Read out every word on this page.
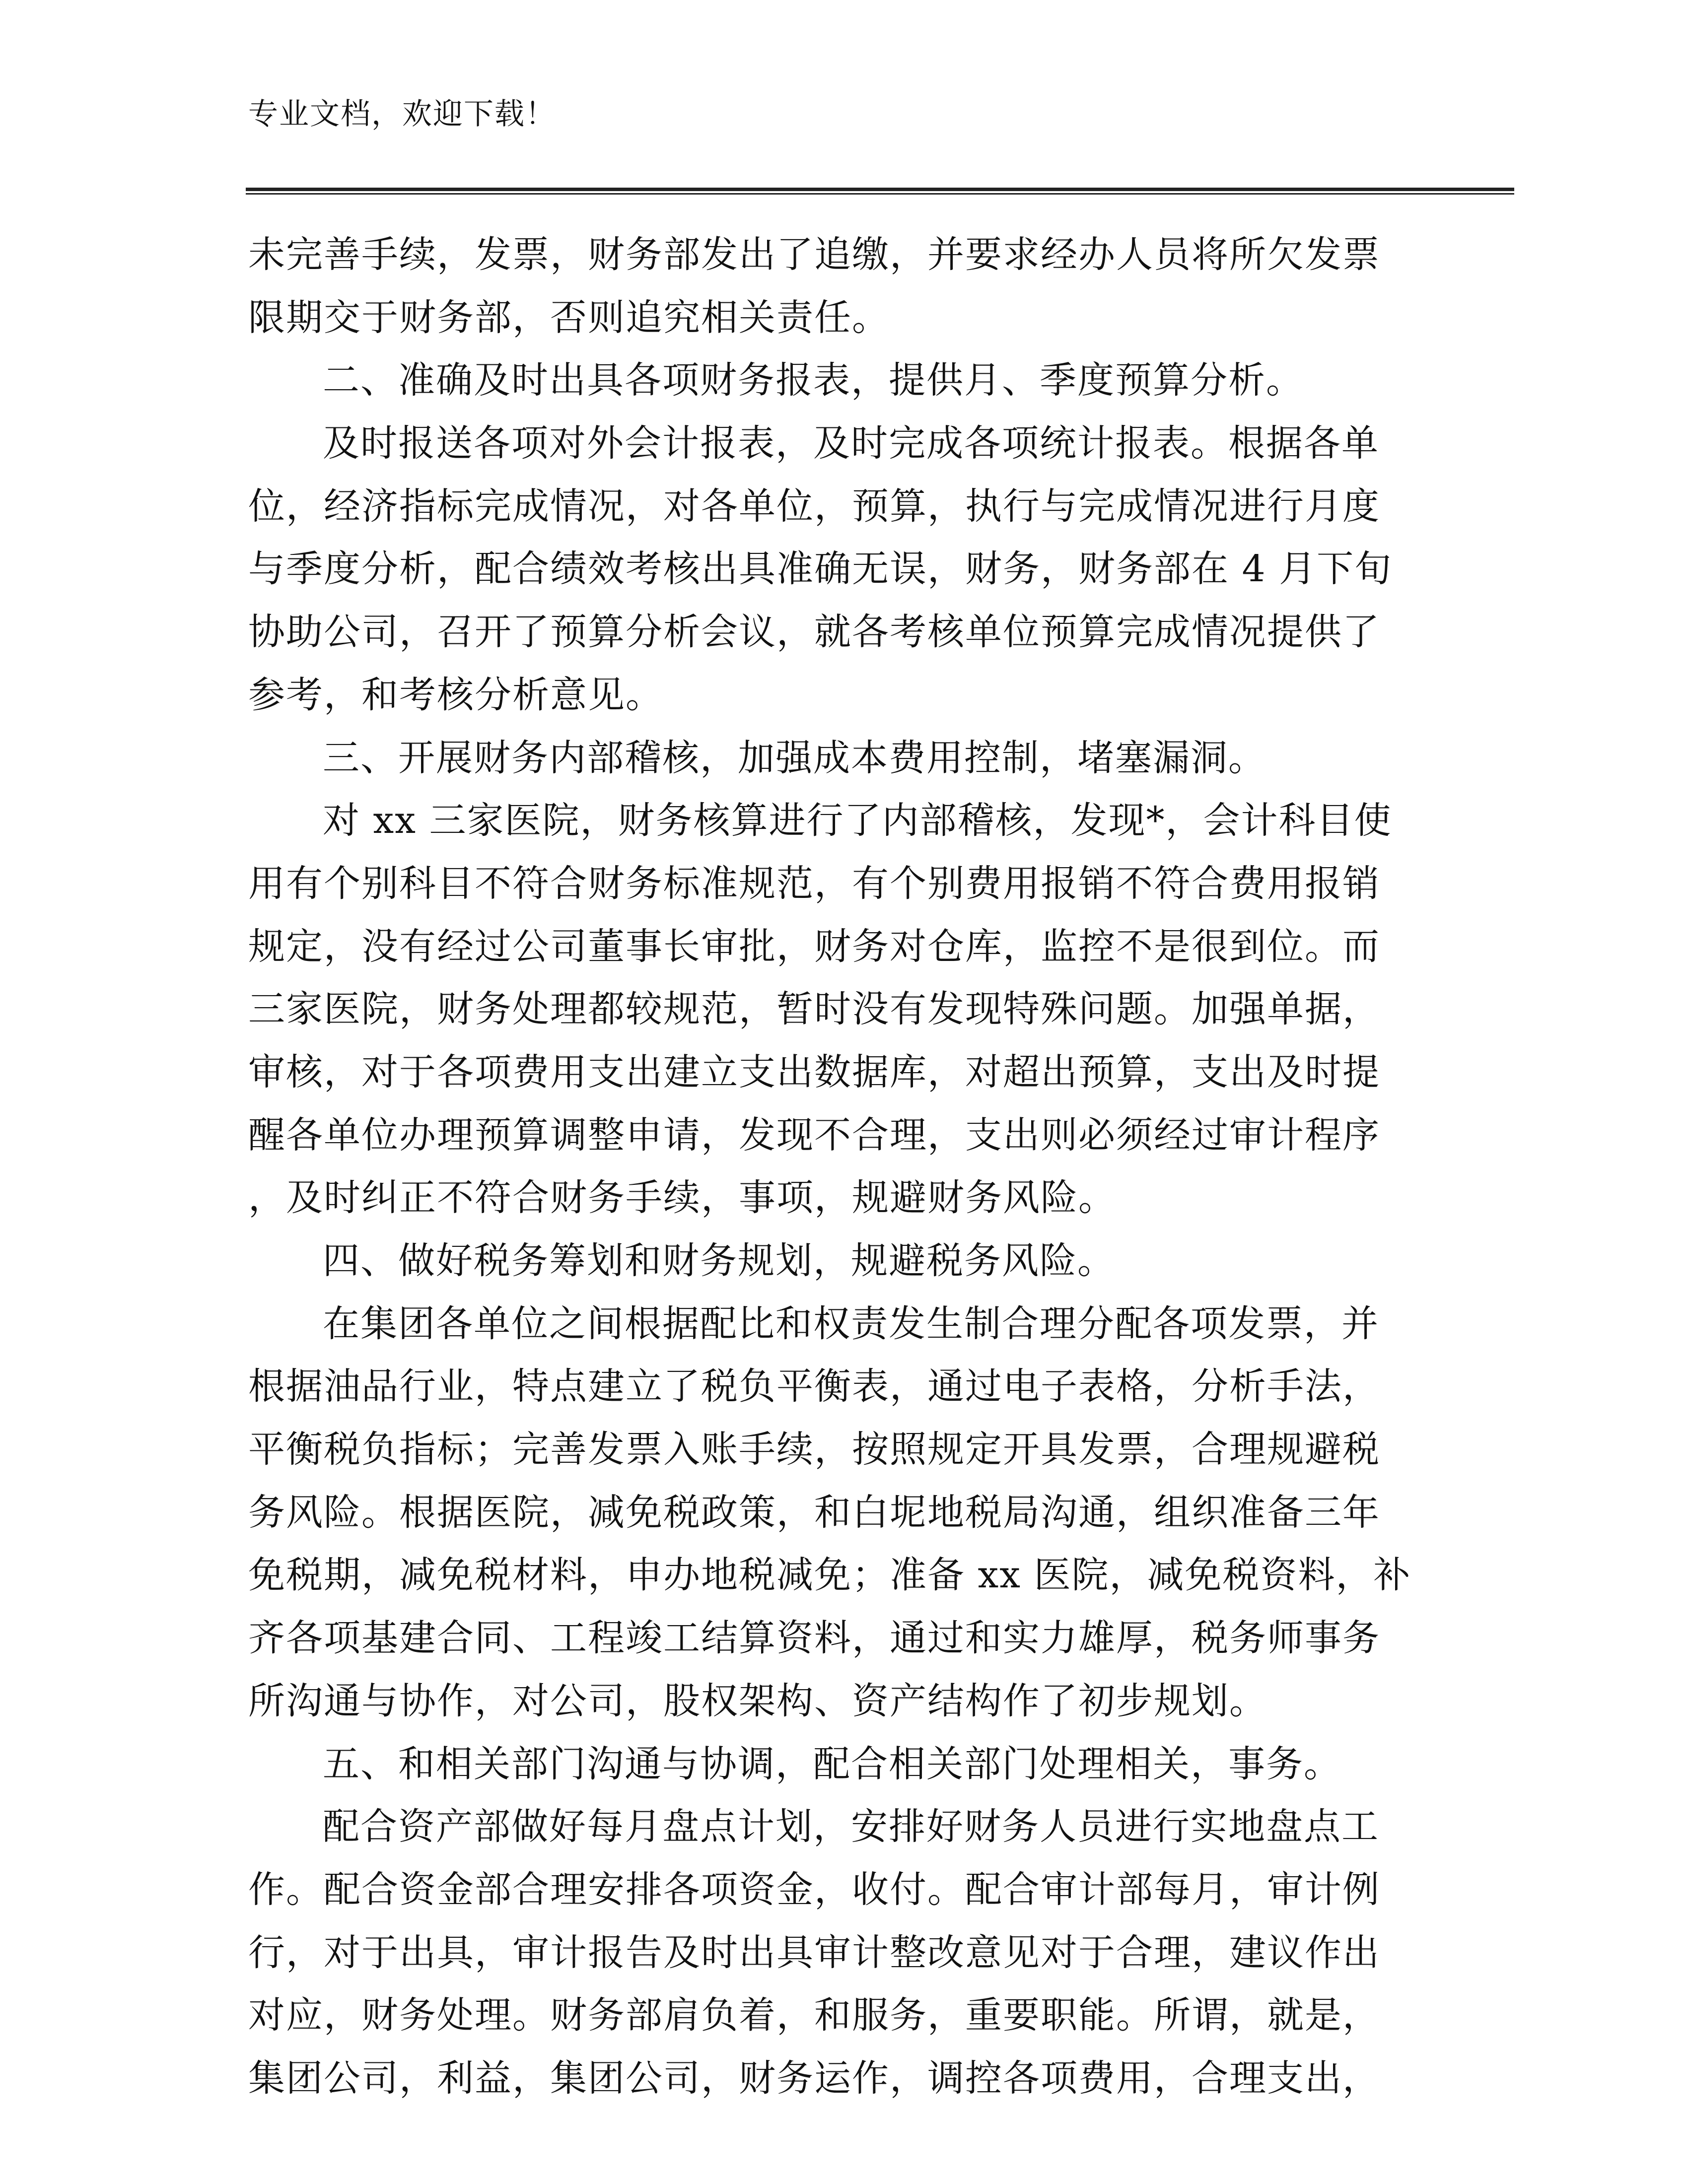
专业文档，欢迎下载！
未完善手续，发票，财务部发出了追缴，并要求经办人员将所欠发票
限期交于财务部，否则追究相关责任。
二、准确及时出具各项财务报表，提供月、季度预算分析。
及时报送各项对外会计报表，及时完成各项统计报表。根据各单
位，经济指标完成情况，对各单位，预算，执行与完成情况进行月度
与季度分析，配合绩效考核出具准确无误，财务，财务部在 4 月下旬
协助公司，召开了预算分析会议，就各考核单位预算完成情况提供了
参考，和考核分析意见。
三、开展财务内部稽核，加强成本费用控制，堵塞漏洞。
对 xx 三家医院，财务核算进行了内部稽核，发现*，会计科目使
用有个别科目不符合财务标准规范，有个别费用报销不符合费用报销
规定，没有经过公司董事长审批，财务对仓库，监控不是很到位。而
三家医院，财务处理都较规范，暂时没有发现特殊问题。加强单据，
审核，对于各项费用支出建立支出数据库，对超出预算，支出及时提
醒各单位办理预算调整申请，发现不合理，支出则必须经过审计程序
，及时纠正不符合财务手续，事项，规避财务风险。
四、做好税务筹划和财务规划，规避税务风险。
在集团各单位之间根据配比和权责发生制合理分配各项发票，并
根据油品行业，特点建立了税负平衡表，通过电子表格，分析手法，
平衡税负指标；完善发票入账手续，按照规定开具发票，合理规避税
务风险。根据医院，减免税政策，和白坭地税局沟通，组织准备三年
免税期，减免税材料，申办地税减免；准备 xx 医院，减免税资料，补
齐各项基建合同、工程竣工结算资料，通过和实力雄厚，税务师事务
所沟通与协作，对公司，股权架构、资产结构作了初步规划。
五、和相关部门沟通与协调，配合相关部门处理相关，事务。
配合资产部做好每月盘点计划，安排好财务人员进行实地盘点工
作。配合资金部合理安排各项资金，收付。配合审计部每月，审计例
行，对于出具，审计报告及时出具审计整改意见对于合理，建议作出
对应，财务处理。财务部肩负着，和服务，重要职能。所谓，就是，
集团公司，利益，集团公司，财务运作，调控各项费用，合理支出，
